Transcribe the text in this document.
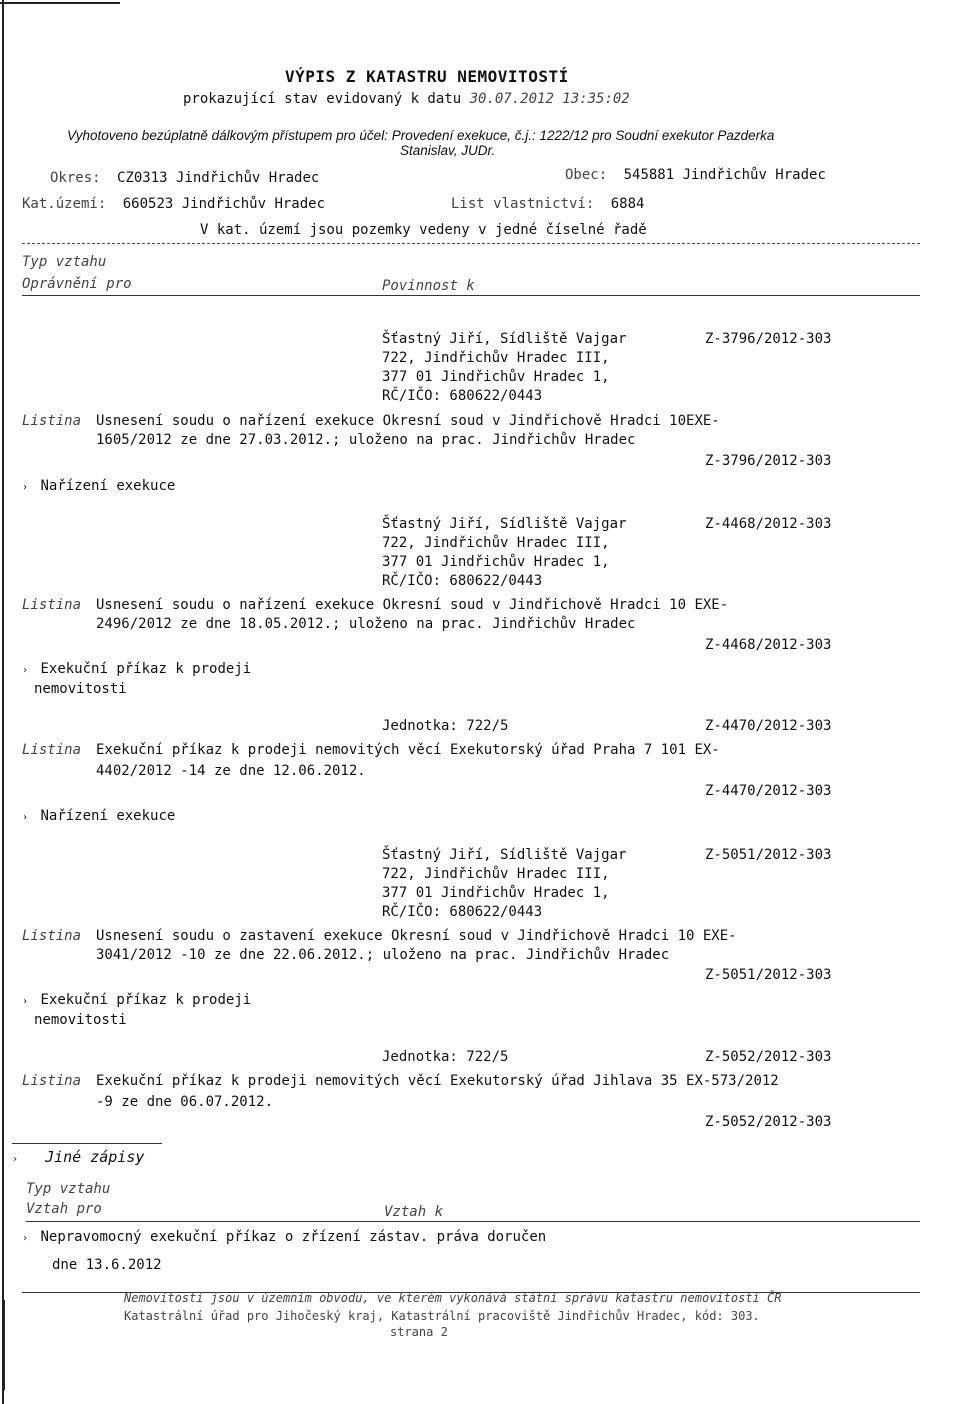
VÝPIS Z KATASTRU NEMOVITOSTÍ
prokazující stav evidovaný k datu 30.07.2012 13:35:02
Vyhotoveno bezúplatně dálkovým přístupem pro účel: Provedení exekuce, č.j.: 1222/12 pro Soudní exekutor Pazderka
Stanislav, JUDr.
Okres: CZ0313 Jindřichův Hradec	Obec: 545881 Jindřichův Hradec
Kat.území: 660523 Jindřichův Hradec	List vlastnictví: 6884
V kat. území jsou pozemky vedeny v jedné číselné řadě
Typ vztahu
Oprávnění pro	Povinnost k
Šťastný Jiří, Sídliště Vajgar	Z-3796/2012-303
722, Jindřichův Hradec III,
377 01 Jindřichův Hradec 1,
RČ/IČO: 680622/0443
Listina Usnesení soudu o nařízení exekuce Okresní soud v Jindřichově Hradci 10EXE-
1605/2012 ze dne 27.03.2012.; uloženo na prac. Jindřichův Hradec
Z-3796/2012-303
› Nařízení exekuce
Šťastný Jiří, Sídliště Vajgar	Z-4468/2012-303
722, Jindřichův Hradec III,
377 01 Jindřichův Hradec 1,
RČ/IČO: 680622/0443
Listina Usnesení soudu o nařízení exekuce Okresní soud v Jindřichově Hradci 10 EXE-
2496/2012 ze dne 18.05.2012.; uloženo na prac. Jindřichův Hradec
Z-4468/2012-303
› Exekuční příkaz k prodeji
nemovitosti
Jednotka: 722/5	Z-4470/2012-303
Listina Exekuční příkaz k prodeji nemovitých věcí Exekutorský úřad Praha 7 101 EX-
4402/2012 -14 ze dne 12.06.2012.
Z-4470/2012-303
› Nařízení exekuce
Šťastný Jiří, Sídliště Vajgar	Z-5051/2012-303
722, Jindřichův Hradec III,
377 01 Jindřichův Hradec 1,
RČ/IČO: 680622/0443
Listina Usnesení soudu o zastavení exekuce Okresní soud v Jindřichově Hradci 10 EXE-
3041/2012 -10 ze dne 22.06.2012.; uloženo na prac. Jindřichův Hradec
Z-5051/2012-303
› Exekuční příkaz k prodeji
nemovitosti
Jednotka: 722/5	Z-5052/2012-303
Listina Exekuční příkaz k prodeji nemovitých věcí Exekutorský úřad Jihlava 35 EX-573/2012
-9 ze dne 06.07.2012.
Z-5052/2012-303
› Jiné zápisy
Typ vztahu
Vztah pro	Vztah k
› Nepravomocný exekuční příkaz o zřízení zástav. práva doručen
dne 13.6.2012
Nemovitosti jsou v územním obvodu, ve kterém vykonává státní správu katastru nemovitostí ČR
Katastrální úřad pro Jihočeský kraj, Katastrální pracoviště Jindřichův Hradec, kód: 303.
strana 2
